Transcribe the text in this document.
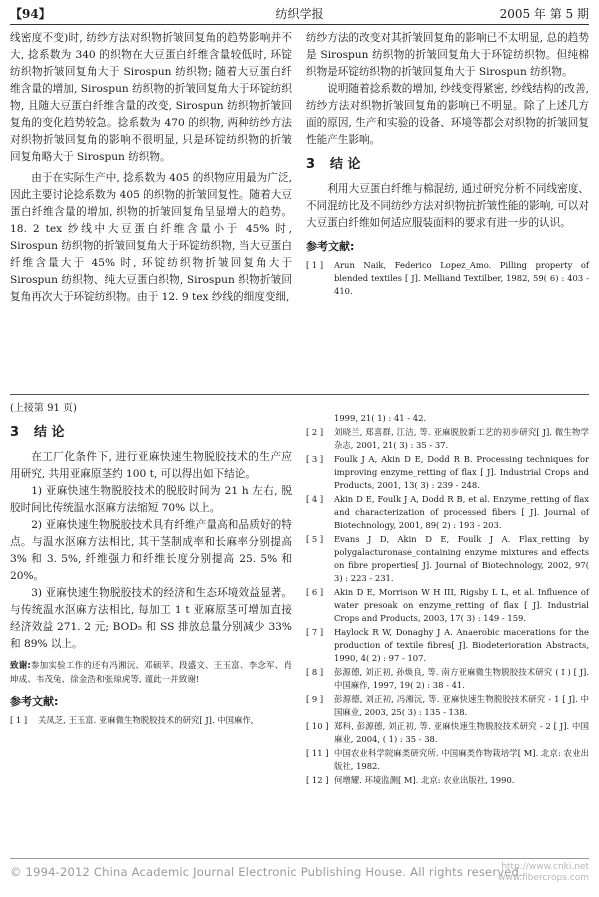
【94】	纺织学报	2005 年 第 5 期

线密度不变)时, 纺纱方法对织物折皱回复角的趋势影响并不大, 捻系数为 340 的织物在大豆蛋白纤维含量较低时, 环锭纺织物折皱回复角大于 Sirospun 纺织物; 随着大豆蛋白纤维含量的增加, Sirospun 纺织物的折皱回复角大于环锭纺织物, 且随大豆蛋白纤维含量的改变, Sirospun 纺织物折皱回复角的变化趋势较急。捻系数为 470 的织物, 两种纺纱方法对织物折皱回复角的影响不很明显, 只是环锭纺织物的折皱回复角略大于 Sirospun 纺织物。

由于在实际生产中, 捻系数为 405 的织物应用最为广泛, 因此主要讨论捻系数为 405 的织物的折皱回复性。随着大豆蛋白纤维含量的增加, 织物的折皱回复角呈显增大的趋势。18. 2 tex 纱线中大豆蛋白纤维含量小于 45% 时, Sirospun 纺织物的折皱回复角大于环锭纺织物, 当大豆蛋白纤维含量大于 45% 时, 环锭纺织物折皱回复角大于 Sirospun 纺织物、纯大豆蛋白织物, Sirospun 织物折皱回复角再次大于环锭纺织物。由于 12. 9 tex 纱线的细度变细,

纺纱方法的改变对其折皱回复角的影响已不太明显, 总的趋势是 Sirospun 纺织物的折皱回复角大于环锭纺织物。但纯棉织物是环锭纺织物的折皱回复角大于 Sirospun 纺织物。

说明随着捻系数的增加, 纱线变得紧密, 纱线结构的改善, 纺纱方法对织物折皱回复角的影响已不明显。除了上述几方面的原因, 生产和实验的设备、环境等都会对织物的折皱回复性能产生影响。

3 结 论

利用大豆蛋白纤维与棉混纺, 通过研究分析不同线密度、不同混纺比及不同纺纱方法对织物抗折皱性能的影响, 可以对大豆蛋白纤维如何适应服装面料的要求有进一步的认识。

参考文献:
[ 1 ]	Arun Naik, Federico Lopez_Amo. Pilling property of blended textiles [ J]. Melliand Textilber, 1982, 59( 6) : 403 - 410.
(上接第 91 页)
3 结 论

在工厂化条件下, 进行亚麻快速生物脱胶技术的生产应用研究, 共用亚麻原茎约 100 t, 可以得出如下结论。

1) 亚麻快速生物脱胶技术的脱胶时间为 21 h 左右, 脱胶时间比传统温水沤麻方法缩短 70% 以上。

2) 亚麻快速生物脱胶技术具有纤维产量高和品质好的特点。与温水沤麻方法相比, 其干茎制成率和长麻率分别提高 3% 和 3. 5%, 纤维强力和纤维长度分别提高 25. 5% 和 20%。

3) 亚麻快速生物脱胶技术的经济和生态环境效益显著。与传统温水沤麻方法相比, 每加工 1 t 亚麻原茎可增加直接经济效益 271. 2 元; BOD₅ 和 SS 排放总量分别减少 33% 和 89% 以上。

致谢:参加实验工作的还有冯湘沅、邓硕苹、段盛文、王玉富、李念军、肖坤成、韦茂兔、徐金浩和张琼虎等, 谨此一并致谢!
参考文献:
[ 1 ]	关凤芝, 王玉富. 亚麻微生物脱胶技术的研究[ J]. 中国麻作,
1999, 21( 1) : 41 - 42.
[ 2 ]	刘晓兰, 郑喜群, 江洁, 等. 亚麻脱胶新工艺的初步研究[ J]. 微生物学杂志, 2001, 21( 3) : 35 - 37.
[ 3 ]	Foulk J A, Akin D E, Dodd R B. Processing techniques for improving enzyme_retting of flax [ J]. Industrial Crops and Products, 2001, 13( 3) : 239 - 248.
[ 4 ]	Akin D E, Foulk J A, Dodd R B, et al. Enzyme_retting of flax and characterization of processed fibers [ J]. Journal of Biotechnology, 2001, 89( 2) : 193 - 203.
[ 5 ]	Evans J D, Akin D E, Foulk J A. Flax_retting by polygalacturonase_containing enzyme mixtures and effects on fibre properties[ J]. Journal of Biotechnology, 2002, 97( 3) : 223 - 231.
[ 6 ]	Akin D E, Morrison W H III, Rigsby L L, et al. Influence of water presoak on enzyme_retting of flax [ J]. Industrial Crops and Products, 2003, 17( 3) : 149 - 159.
[ 7 ]	Haylock R W, Donaghy J A. Anaerobic macerations for the production of textile fibres[ J]. Biodeterioration Abstracts, 1990, 4( 2) : 97 - 107.
[ 8 ]	彭源德, 刘正初, 孙焕良, 等. 南方亚麻微生物脱胶技术研究 ( I ) [ J]. 中国麻作, 1997, 19( 2) : 38 - 41.
[ 9 ]	彭源德, 刘正初, 冯湘沅, 等. 亚麻快速生物脱胶技术研究 - 1 [ J]. 中国麻业, 2003, 25( 3) : 135 - 138.
[ 10 ] 郑科, 彭源德, 刘正初, 等. 亚麻快速生物脱胶技术研究 - 2 [ J]. 中国麻业, 2004, ( 1) : 35 - 38.
[ 11 ] 中国农业科学院麻类研究所. 中国麻类作物栽培学[ M]. 北京: 农业出版社, 1982.
[ 12 ] 何增耀. 环境监测[ M]. 北京: 农业出版社, 1990.
© 1994-2012 China Academic Journal Electronic Publishing House. All rights reserved.
http://www.cnki.net
www.fibercrops.com
